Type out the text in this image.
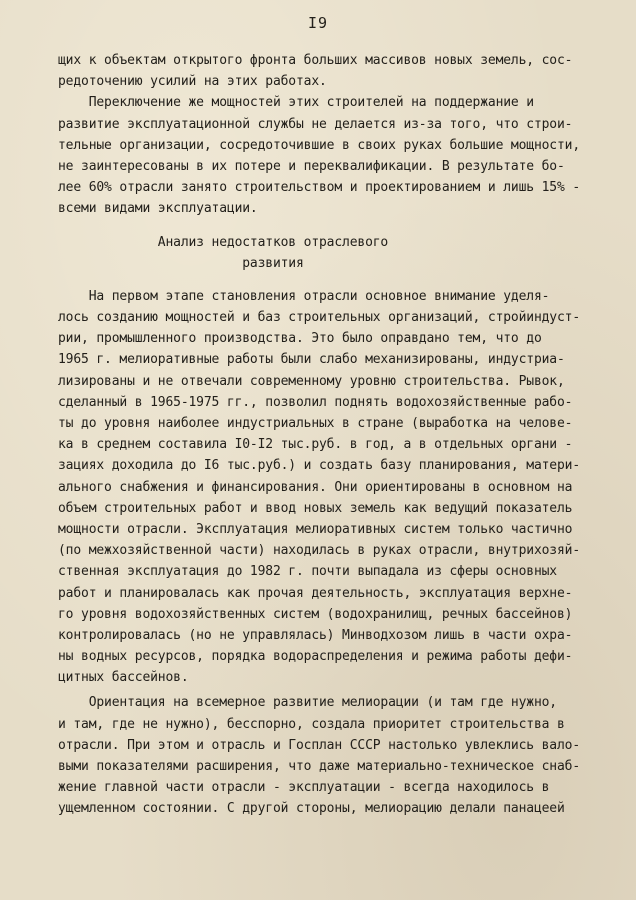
I9
щих к объектам открытого фронта больших массивов новых земель, сос-
редоточению усилий на этих работах.
Переключение же мощностей этих строителей на поддержание и
развитие эксплуатационной службы не делается из-за того, что строи-
тельные организации, сосредоточившие в своих руках большие мощности,
не заинтересованы в их потере и переквалификации. В результате бо-
лее 60% отрасли занято строительством и проектированием и лишь 15% -
всеми видами эксплуатации.
Анализ недостатков отраслевого
развития
На первом этапе становления отрасли основное внимание уделя-
лось созданию мощностей и баз строительных организаций, стройиндуст-
рии, промышленного производства. Это было оправдано тем, что до
1965 г. мелиоративные работы были слабо механизированы, индустриа-
лизированы и не отвечали современному уровню строительства. Рывок,
сделанный в 1965-1975 гг., позволил поднять водохозяйственные рабо-
ты до уровня наиболее индустриальных в стране (выработка на челове-
ка в среднем составила I0-I2 тыс.руб. в год, а в отдельных органи -
зациях доходила до I6 тыс.руб.) и создать базу планирования, матери-
ального снабжения и финансирования. Они ориентированы в основном на
объем строительных работ и ввод новых земель как ведущий показатель
мощности отрасли. Эксплуатация мелиоративных систем только частично
(по межхозяйственной части) находилась в руках отрасли, внутрихозяй-
ственная эксплуатация до 1982 г. почти выпадала из сферы основных
работ и планировалась как прочая деятельность, эксплуатация верхне-
го уровня водохозяйственных систем (водохранилищ, речных бассейнов)
контролировалась (но не управлялась) Минводхозом лишь в части охра-
ны водных ресурсов, порядка водораспределения и режима работы дефи-
цитных бассейнов.
Ориентация на всемерное развитие мелиорации (и там где нужно,
и там, где не нужно), бесспорно, создала приоритет строительства в
отрасли. При этом и отрасль и Госплан СССР настолько увлеклись вало-
выми показателями расширения, что даже материально-техническое снаб-
жение главной части отрасли - эксплуатации - всегда находилось в
ущемленном состоянии. С другой стороны, мелиорацию делали панацеей
